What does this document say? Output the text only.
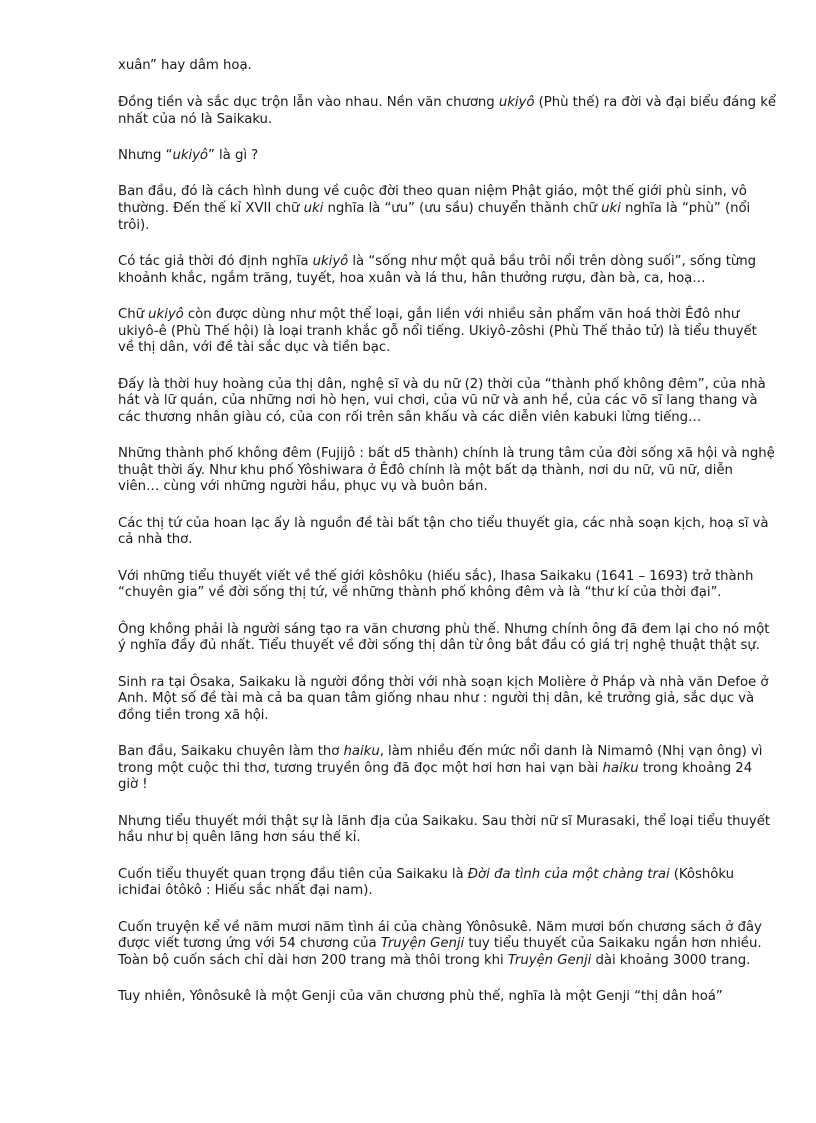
xuân” hay dâm hoạ.

Đồng tiền và sắc dục trộn lẫn vào nhau. Nền văn chương ukiyô (Phù thế) ra đời và đại biểu đáng kể nhất của nó là Saikaku.

Nhưng “ukiyô” là gì ?

Ban đầu, đó là cách hình dung về cuộc đời theo quan niệm Phật giáo, một thế giới phù sinh, vô thường. Đến thế kỉ XVII chữ uki nghĩa là “ưu” (ưu sầu) chuyển thành chữ uki nghĩa là “phù” (nổi trôi).

Có tác giả thời đó định nghĩa ukiyô là “sống như một quả bầu trôi nổi trên dòng suối”, sống từng khoảnh khắc, ngắm trăng, tuyết, hoa xuân và lá thu, hân thưởng rượu, đàn bà, ca, hoạ…

Chữ ukiyô còn được dùng như một thể loại, gắn liền với nhiều sản phẩm văn hoá thời Êđô như ukiyô-ê (Phù Thế hội) là loại tranh khắc gỗ nổi tiếng. Ukiyô-zôshi (Phù Thế thảo tử) là tiểu thuyết về thị dân, với đề tài sắc dục và tiền bạc.

Đấy là thời huy hoàng của thị dân, nghệ sĩ và du nữ (2) thời của “thành phố không đêm”, của nhà hát và lữ quán, của những nơi hò hẹn, vui chơi, của vũ nữ và anh hề, của các võ sĩ lang thang và các thương nhân giàu có, của con rối trên sân khấu và các diễn viên kabuki lừng tiếng…

Những thành phố không đêm (Fujijô : bất d5 thành) chính là trung tâm của đời sống xã hội và nghệ thuật thời ấy. Như khu phố Yôshiwara ở Êđô chính là một bất dạ thành, nơi du nữ, vũ nữ, diễn viên… cùng với những người hầu, phục vụ và buôn bán.

Các thị tứ của hoan lạc ấy là nguồn đề tài bất tận cho tiểu thuyết gia, các nhà soạn kịch, hoạ sĩ và cả nhà thơ.

Với những tiểu thuyết viết về thế giới kôshôku (hiếu sắc), Ihasa Saikaku (1641 – 1693) trở thành “chuyên gia” về đời sống thị tứ, về những thành phố không đêm và là “thư kí của thời đại”.

Ông không phải là người sáng tạo ra văn chương phù thế. Nhưng chính ông đã đem lại cho nó một ý nghĩa đầy đủ nhất. Tiểu thuyết về đời sống thị dân từ ông bắt đầu có giá trị nghệ thuật thật sự.

Sinh ra tại Ôsaka, Saikaku là người đồng thời với nhà soạn kịch Molière ở Pháp và nhà văn Defoe ở Anh. Một số đề tài mà cả ba quan tâm giống nhau như : người thị dân, kẻ trưởng giả, sắc dục và đồng tiền trong xã hội.

Ban đầu, Saikaku chuyên làm thơ haiku, làm nhiều đến mức nổi danh là Nimamô (Nhị vạn ông) vì trong một cuộc thi thơ, tương truyền ông đã đọc một hơi hơn hai vạn bài haiku trong khoảng 24 giờ !

Nhưng tiểu thuyết mới thật sự là lãnh địa của Saikaku. Sau thời nữ sĩ Murasaki, thể loại tiểu thuyết hầu như bị quên lãng hơn sáu thế kỉ.

Cuốn tiểu thuyết quan trọng đầu tiên của Saikaku là Đời đa tình của một chàng trai (Kôshôku ichiđai ôtôkô : Hiếu sắc nhất đại nam).

Cuốn truyện kể về năm mươi năm tình ái của chàng Yônôsukê. Năm mươi bốn chương sách ở đây được viết tương ứng với 54 chương của Truyện Genji tuy tiểu thuyết của Saikaku ngắn hơn nhiều. Toàn bộ cuốn sách chỉ dài hơn 200 trang mà thôi trong khi Truyện Genji dài khoảng 3000 trang.

Tuy nhiên, Yônôsukê là một Genji của văn chương phù thế, nghĩa là một Genji “thị dân hoá”
